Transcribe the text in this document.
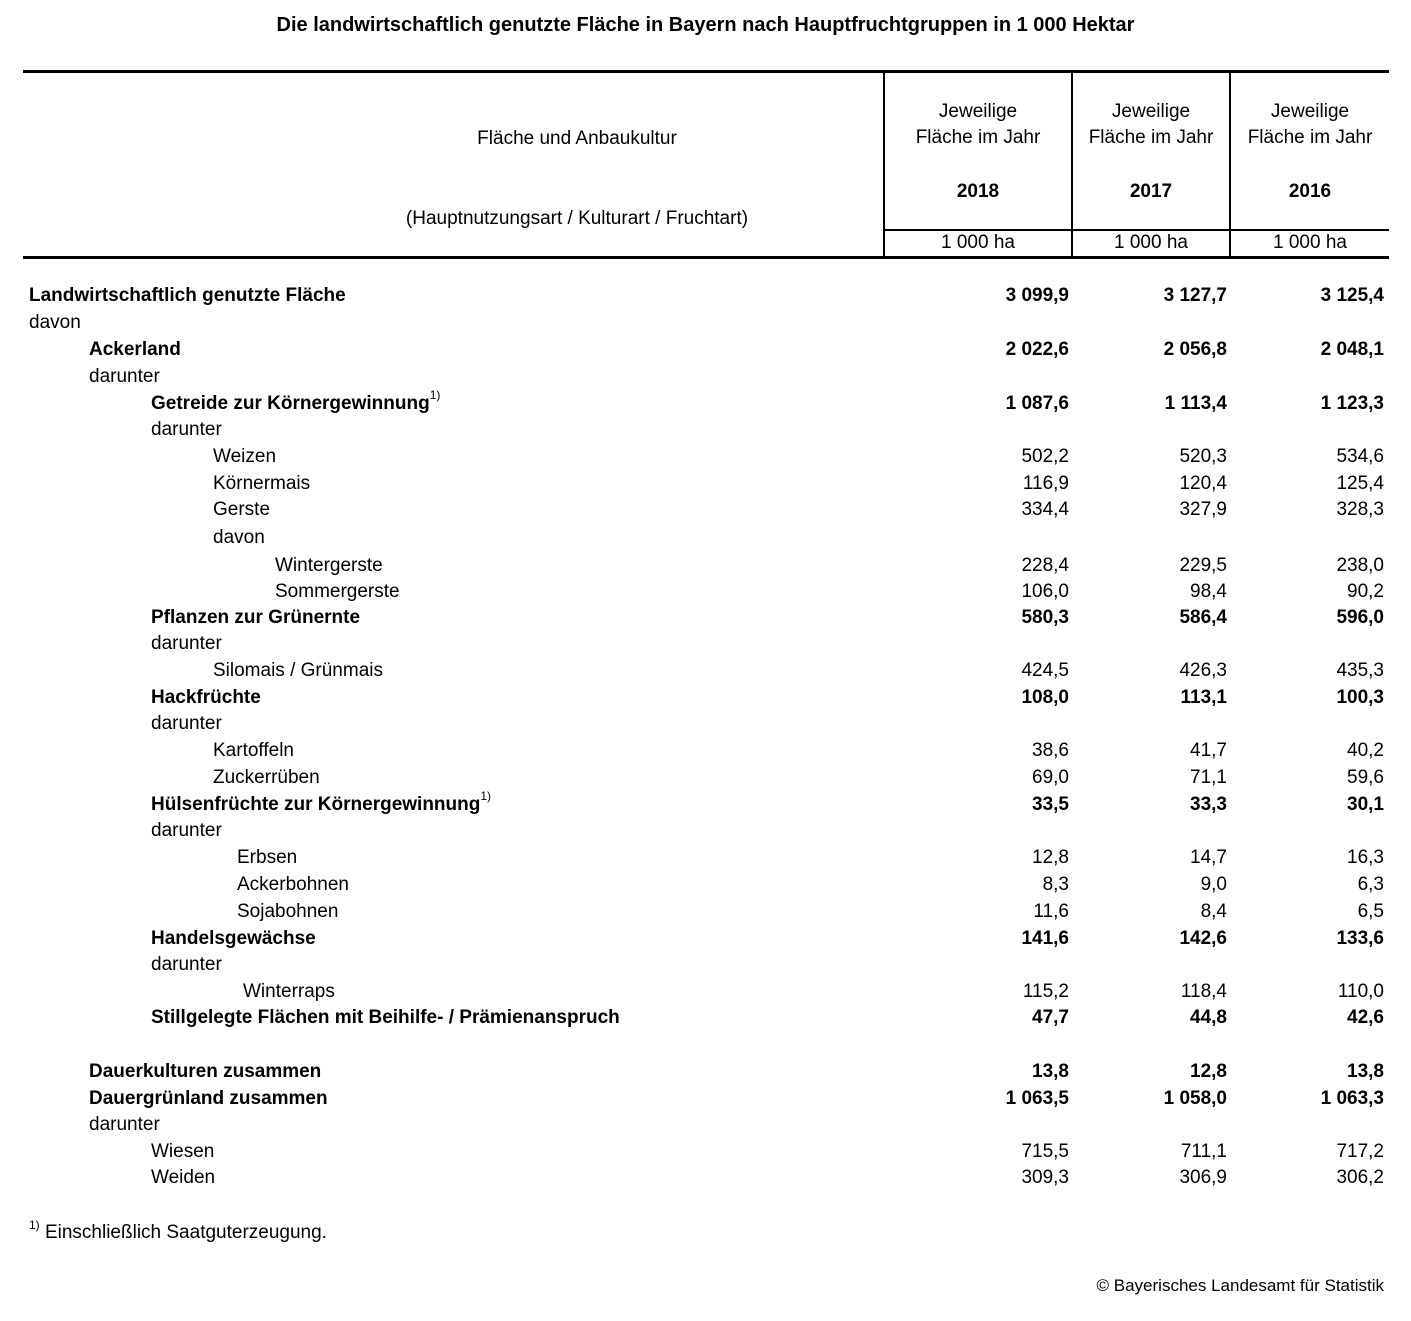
Die landwirtschaftlich genutzte Fläche in Bayern nach Hauptfruchtgruppen in 1 000 Hektar
Fläche und Anbaukultur
(Hauptnutzungsart / Kulturart / Fruchtart)
Jeweilige
Fläche im Jahr
2018
Jeweilige
Fläche im Jahr
2017
Jeweilige
Fläche im Jahr
2016
1 000 ha	1 000 ha	1 000 ha
Landwirtschaftlich genutzte Fläche	3 099,9	3 127,7	3 125,4
davon
Ackerland	2 022,6	2 056,8	2 048,1
darunter
Getreide zur Körnergewinnung$^{1)}$	1 087,6	1 113,4	1 123,3
darunter
Weizen	502,2	520,3	534,6
Körnermais	116,9	120,4	125,4
Gerste	334,4	327,9	328,3
davon
Wintergerste	228,4	229,5	238,0
Sommergerste	106,0	98,4	90,2
Pflanzen zur Grünernte	580,3	586,4	596,0
darunter
Silomais / Grünmais	424,5	426,3	435,3
Hackfrüchte	108,0	113,1	100,3
darunter
Kartoffeln	38,6	41,7	40,2
Zuckerrüben	69,0	71,1	59,6
Hülsenfrüchte zur Körnergewinnung$^{1)}$	33,5	33,3	30,1
darunter
Erbsen	12,8	14,7	16,3
Ackerbohnen	8,3	9,0	6,3
Sojabohnen	11,6	8,4	6,5
Handelsgewächse	141,6	142,6	133,6
darunter
Winterraps	115,2	118,4	110,0
Stillgelegte Flächen mit Beihilfe- / Prämienanspruch	47,7	44,8	42,6
Dauerkulturen zusammen	13,8	12,8	13,8
Dauergrünland zusammen	1 063,5	1 058,0	1 063,3
darunter
Wiesen	715,5	711,1	717,2
Weiden	309,3	306,9	306,2
$^{1)}$ Einschließlich Saatguterzeugung.
© Bayerisches Landesamt für Statistik
